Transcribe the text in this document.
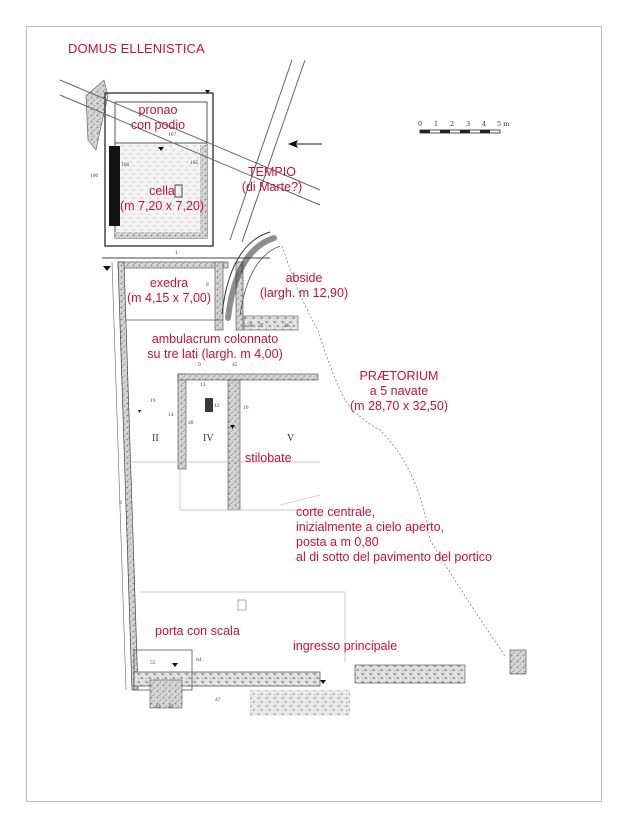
DOMUS ELLENISTICA
pronao
con podio
TEMPIO
(di Marte?)
cella
(m 7,20 x 7,20)
exedra
(m 4,15 x 7,00)
abside
(largh. m 12,90)
ambulacrum colonnato
su tre lati (largh. m 4,00)
PRÆTORIUM
a 5 navate
(m 28,70 x 32,50)
stilobate
corte centrale,
inizialmente a cielo aperto,
posta a m 0,80
al di sotto del pavimento del portico
porta con scala
ingresso principale
0 1 2 3 4 5 m
II	IV	V
107
106	165
100
1
8
28 27	26
9
13
19
14
12
40
10
45
55	64
43 45
47
3
